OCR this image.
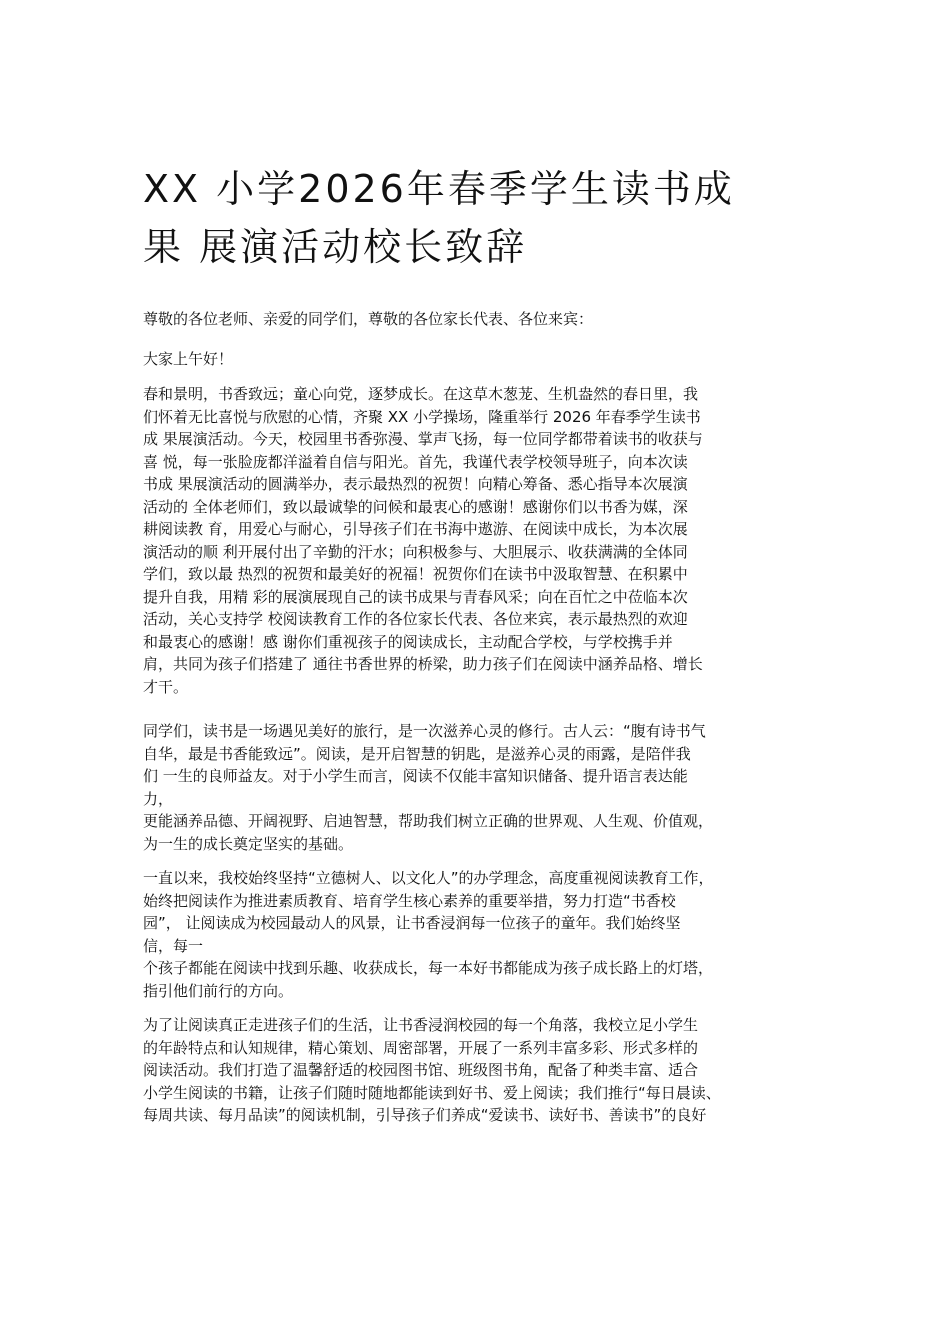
XX 小学2026年春季学生读书成
果 展演活动校长致辞

尊敬的各位老师、亲爱的同学们，尊敬的各位家长代表、各位来宾：

大家上午好！

春和景明，书香致远；童心向党，逐梦成长。在这草木葱茏、生机盎然的春日里，我
们怀着无比喜悦与欣慰的心情，齐聚 XX 小学操场，隆重举行 2026 年春季学生读书
成 果展演活动。今天，校园里书香弥漫、掌声飞扬，每一位同学都带着读书的收获与
喜 悦，每一张脸庞都洋溢着自信与阳光。首先，我谨代表学校领导班子，向本次读
书成 果展演活动的圆满举办，表示最热烈的祝贺！向精心筹备、悉心指导本次展演
活动的 全体老师们，致以最诚挚的问候和最衷心的感谢！感谢你们以书香为媒，深
耕阅读教 育，用爱心与耐心，引导孩子们在书海中遨游、在阅读中成长，为本次展
演活动的顺 利开展付出了辛勤的汗水；向积极参与、大胆展示、收获满满的全体同
学们，致以最 热烈的祝贺和最美好的祝福！祝贺你们在读书中汲取智慧、在积累中
提升自我，用精 彩的展演展现自己的读书成果与青春风采；向在百忙之中莅临本次
活动，关心支持学 校阅读教育工作的各位家长代表、各位来宾，表示最热烈的欢迎
和最衷心的感谢！感 谢你们重视孩子的阅读成长，主动配合学校，与学校携手并
肩，共同为孩子们搭建了 通往书香世界的桥梁，助力孩子们在阅读中涵养品格、增长
才干。

同学们，读书是一场遇见美好的旅行，是一次滋养心灵的修行。古人云：“腹有诗书气
自华，最是书香能致远”。阅读，是开启智慧的钥匙，是滋养心灵的雨露，是陪伴我
们 一生的良师益友。对于小学生而言，阅读不仅能丰富知识储备、提升语言表达能
力，
更能涵养品德、开阔视野、启迪智慧，帮助我们树立正确的世界观、人生观、价值观，
为一生的成长奠定坚实的基础。

一直以来，我校始终坚持“立德树人、以文化人”的办学理念，高度重视阅读教育工作，
始终把阅读作为推进素质教育、培育学生核心素养的重要举措，努力打造“书香校
园”， 让阅读成为校园最动人的风景，让书香浸润每一位孩子的童年。我们始终坚
信，每一
个孩子都能在阅读中找到乐趣、收获成长，每一本好书都能成为孩子成长路上的灯塔，
指引他们前行的方向。

为了让阅读真正走进孩子们的生活，让书香浸润校园的每一个角落，我校立足小学生
的年龄特点和认知规律，精心策划、周密部署，开展了一系列丰富多彩、形式多样的
阅读活动。我们打造了温馨舒适的校园图书馆、班级图书角，配备了种类丰富、适合
小学生阅读的书籍，让孩子们随时随地都能读到好书、爱上阅读；我们推行“每日晨读、
每周共读、每月品读”的阅读机制，引导孩子们养成“爱读书、读好书、善读书”的良好
